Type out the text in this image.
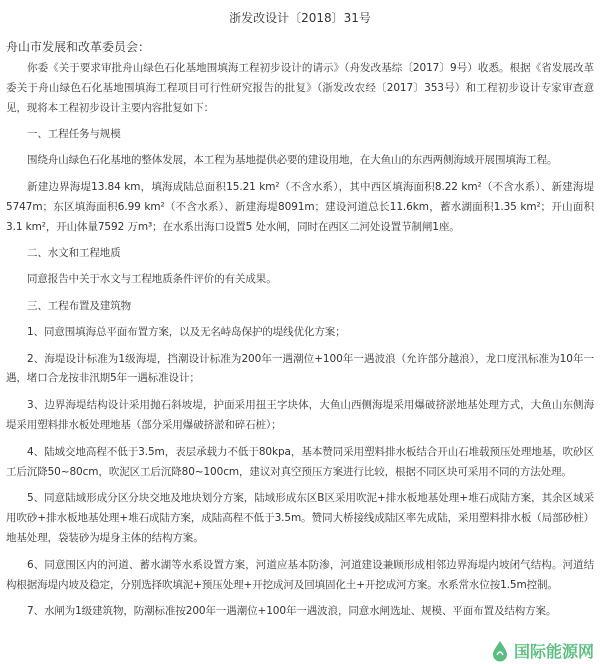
浙发改设计〔2018〕31号
舟山市发展和改革委员会：
你委《关于要求审批舟山绿色石化基地围填海工程初步设计的请示》（舟发改基综〔2017〕9号）收悉。根据《省发展改革委关于舟山绿色石化基地围填海工程项目可行性研究报告的批复》（浙发改农经〔2017〕353号）和工程初步设计专家审查意见，现将本工程初步设计主要内容批复如下：
一、工程任务与规模
围绕舟山绿色石化基地的整体发展，本工程为基地提供必要的建设用地，在大鱼山的东西两侧海域开展围填海工程。
新建边界海堤13.84 km，填海成陆总面积15.21 km²（不含水系），其中西区填海面积8.22 km²（不含水系）、新建海堤5747m；东区填海面积6.99 km²（不含水系）、新建海堤8091m；建设河道总长11.6km，蓄水湖面积1.35 km²；开山面积3.1 km²，开山体量7592 万m³；在水系出海口设置5 处水闸，同时在西区二河处设置节制闸1座。
二、水文和工程地质
同意报告中关于水文与工程地质条件评价的有关成果。
三、工程布置及建筑物
1、同意围填海总平面布置方案，以及无名峙岛保护的堤线优化方案；
2、海堤设计标准为1级海堤，挡潮设计标准为200年一遇潮位+100年一遇波浪（允许部分越浪），龙口度汛标准为10年一遇，堵口合龙按非汛期5年一遇标准设计；
3、边界海堤结构设计采用抛石斜坡堤，护面采用扭王字块体，大鱼山西侧海堤采用爆破挤淤地基处理方式，大鱼山东侧海堤采用塑料排水板处理地基（部分采用爆破挤淤和碎石桩）；
4、陆域交地高程不低于3.5m，表层承载力不低于80kpa，基本赞同采用塑料排水板结合开山石堆载预压处理地基，吹砂区工后沉降50~80cm，吹泥区工后沉降80~100cm，建议对真空预压方案进行比较，根据不同区块可采用不同的方法处理。
5、同意陆域形成分区分块交地及地块划分方案，陆域形成东区B区采用吹泥+排水板地基处理+堆石成陆方案，其余区域采用吹砂+排水板地基处理+堆石成陆方案，成陆高程不低于3.5m。赞同大桥接线成陆区率先成陆，采用塑料排水板（局部砂桩）地基处理，袋装砂为堤身主体的结构方案。
6、同意围区内的河道、蓄水湖等水系设置方案，河道应基本防渗，河道建设兼顾形成相邻边界海堤内坡闭气结构。河道结构根据海堤内坡及稳定，分别选择吹填泥+预压处理+开挖成河及回填固化土+开挖成河方案。水系常水位按1.5m控制。
7、水闸为1级建筑物，防潮标准按200年一遇潮位+100年一遇波浪，同意水闸选址、规模、平面布置及结构方案。
国际能源网
